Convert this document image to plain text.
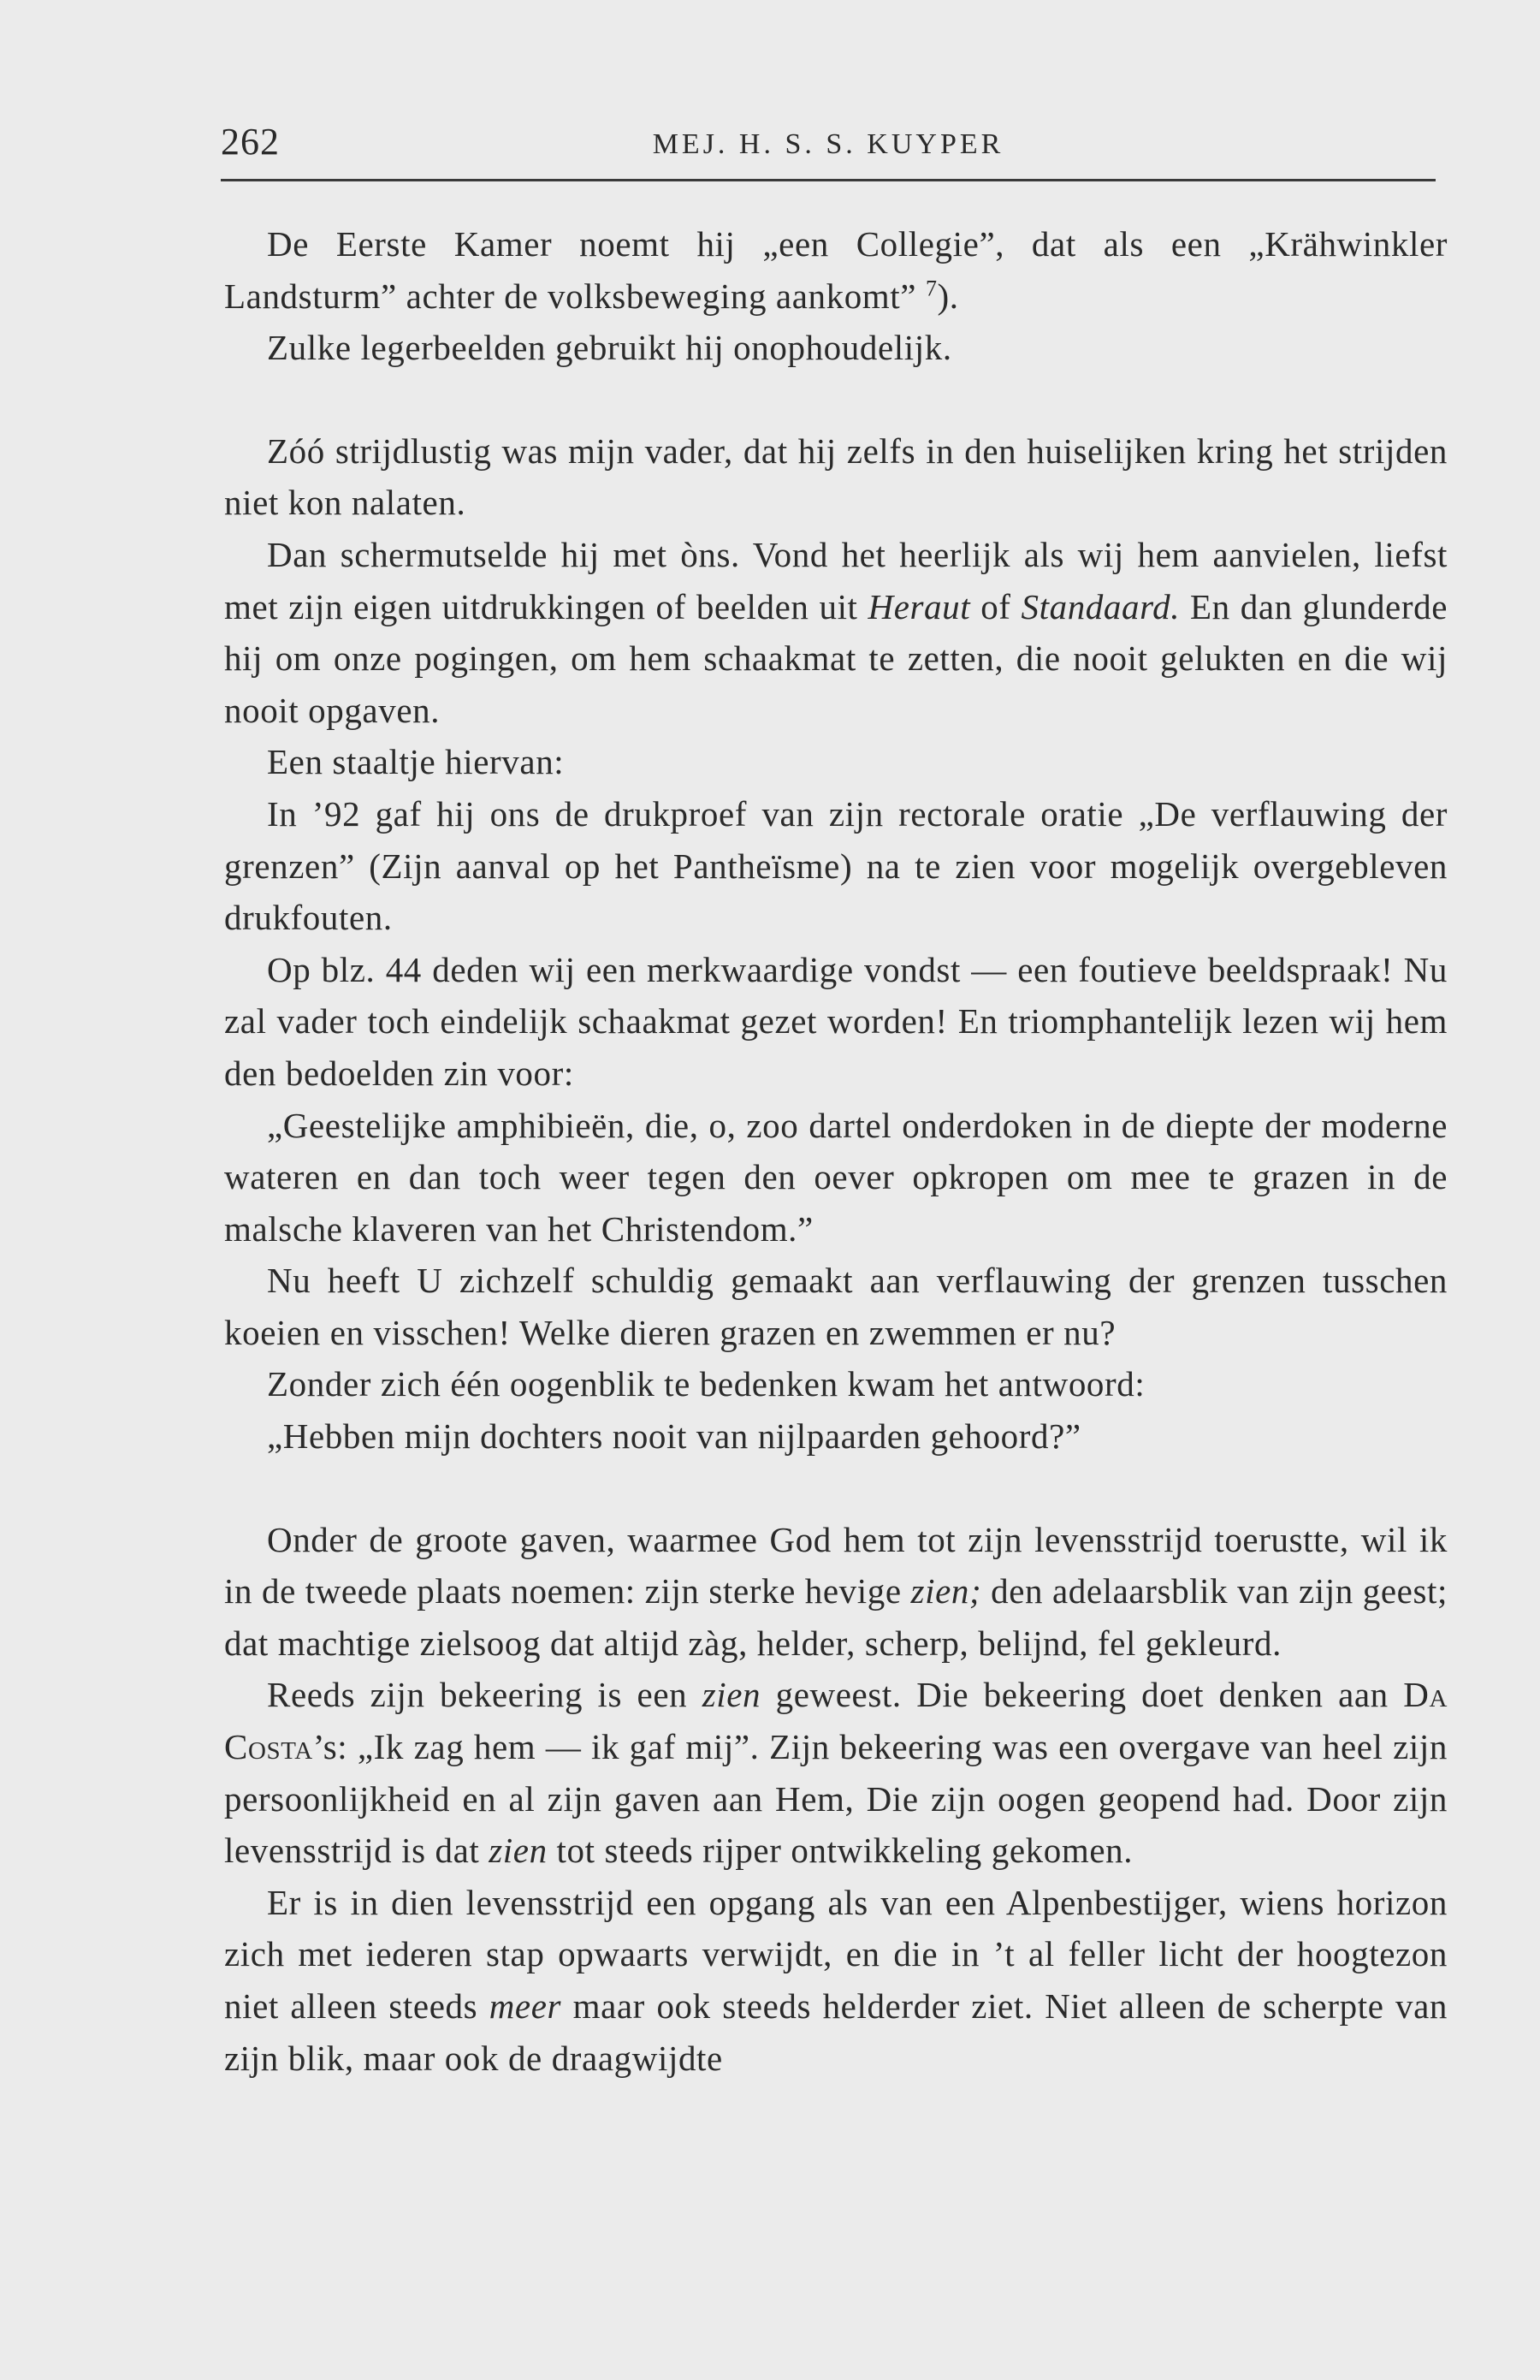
262	MEJ. H. S. S. KUYPER

De Eerste Kamer noemt hij „een Collegie”, dat als een „Krähwinkler Landsturm” achter de volksbeweging aankomt” $^7$).

Zulke legerbeelden gebruikt hij onophoudelijk.

Zóó strijdlustig was mijn vader, dat hij zelfs in den huiselijken kring het strijden niet kon nalaten.

Dan schermutselde hij met òns. Vond het heerlijk als wij hem aanvielen, liefst met zijn eigen uitdrukkingen of beelden uit Heraut of Standaard. En dan glunderde hij om onze pogingen, om hem schaakmat te zetten, die nooit gelukten en die wij nooit opgaven.

Een staaltje hiervan:

In ’92 gaf hij ons de drukproef van zijn rectorale oratie „De verflauwing der grenzen” (Zijn aanval op het Pantheïsme) na te zien voor mogelijk overgebleven drukfouten.

Op blz. 44 deden wij een merkwaardige vondst — een foutieve beeldspraak! Nu zal vader toch eindelijk schaakmat gezet worden! En triomphantelijk lezen wij hem den bedoelden zin voor:

„Geestelijke amphibieën, die, o, zoo dartel onderdoken in de diepte der moderne wateren en dan toch weer tegen den oever opkropen om mee te grazen in de malsche klaveren van het Christendom.”

Nu heeft U zichzelf schuldig gemaakt aan verflauwing der grenzen tusschen koeien en visschen! Welke dieren grazen en zwemmen er nu?

Zonder zich één oogenblik te bedenken kwam het antwoord:

„Hebben mijn dochters nooit van nijlpaarden gehoord?”

Onder de groote gaven, waarmee God hem tot zijn levensstrijd toerustte, wil ik in de tweede plaats noemen: zijn sterke hevige zien; den adelaarsblik van zijn geest; dat machtige zielsoog dat altijd zàg, helder, scherp, belijnd, fel gekleurd.

Reeds zijn bekeering is een zien geweest. Die bekeering doet denken aan Da Costa’s: „Ik zag hem — ik gaf mij”. Zijn bekeering was een overgave van heel zijn persoonlijkheid en al zijn gaven aan Hem, Die zijn oogen geopend had. Door zijn levensstrijd is dat zien tot steeds rijper ontwikkeling gekomen.

Er is in dien levensstrijd een opgang als van een Alpenbestijger, wiens horizon zich met iederen stap opwaarts verwijdt, en die in ’t al feller licht der hoogtezon niet alleen steeds meer maar ook steeds helderder ziet. Niet alleen de scherpte van zijn blik, maar ook de draagwijdte
